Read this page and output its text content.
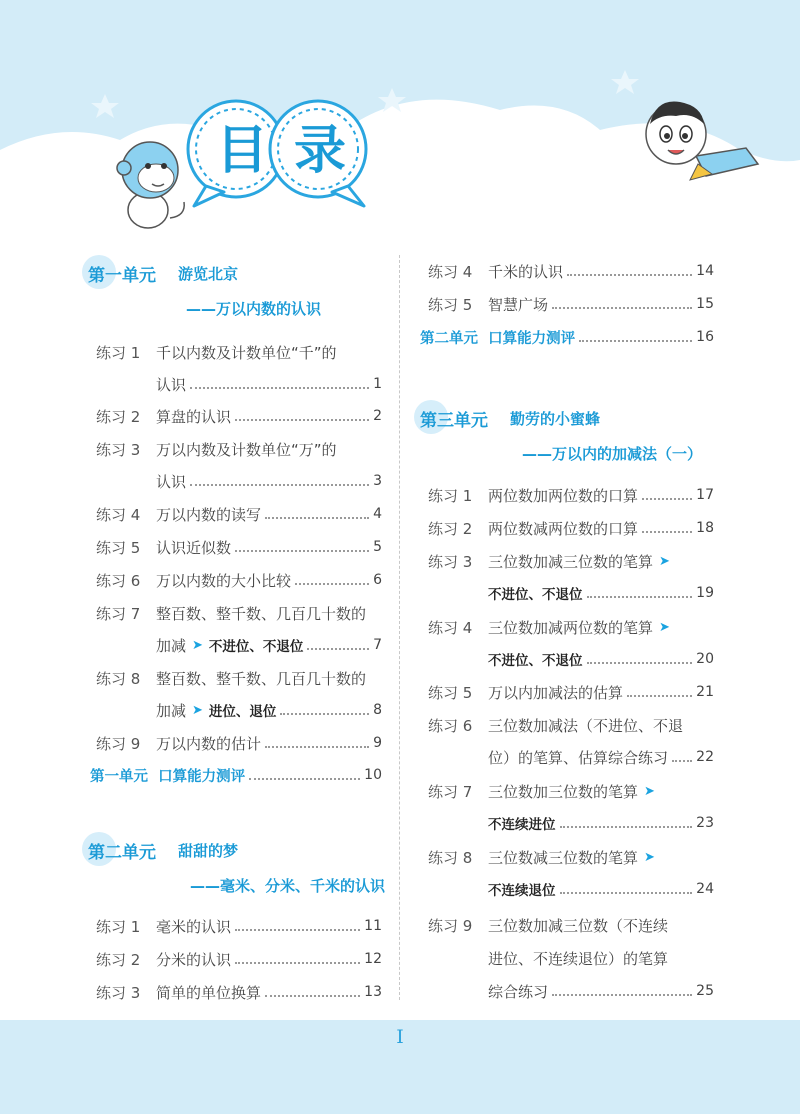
目 录
第一单元 游览北京
——万以内数的认识
练习 1	千以内数及计数单位“千”的
认识	1
练习 2	算盘的认识	2
练习 3	万以内数及计数单位“万”的
认识	3
练习 4	万以内数的读写	4
练习 5	认识近似数	5
练习 6	万以内数的大小比较	6
练习 7	整百数、整千数、几百几十数的
加减 ➤ 不进位、不退位	7
练习 8	整百数、整千数、几百几十数的
加减 ➤ 进位、退位	8
练习 9	万以内数的估计	9
第一单元  口算能力测评	10
第二单元 甜甜的梦
——毫米、分米、千米的认识
练习 1	毫米的认识	11
练习 2	分米的认识	12
练习 3	简单的单位换算	13
练习 4	千米的认识	14
练习 5	智慧广场	15
第二单元  口算能力测评	16
第三单元 勤劳的小蜜蜂
——万以内的加减法（一）
练习 1	两位数加两位数的口算	17
练习 2	两位数减两位数的口算	18
练习 3	三位数加减三位数的笔算 ➤
不进位、不退位	19
练习 4	三位数加减两位数的笔算 ➤
不进位、不退位	20
练习 5	万以内加减法的估算	21
练习 6	三位数加减法（不进位、不退
位）的笔算、估算综合练习 22
练习 7	三位数加三位数的笔算 ➤
不连续进位	23
练习 8	三位数减三位数的笔算 ➤
不连续退位	24
练习 9	三位数加减三位数（不连续
进位、不连续退位）的笔算
综合练习	25
I
